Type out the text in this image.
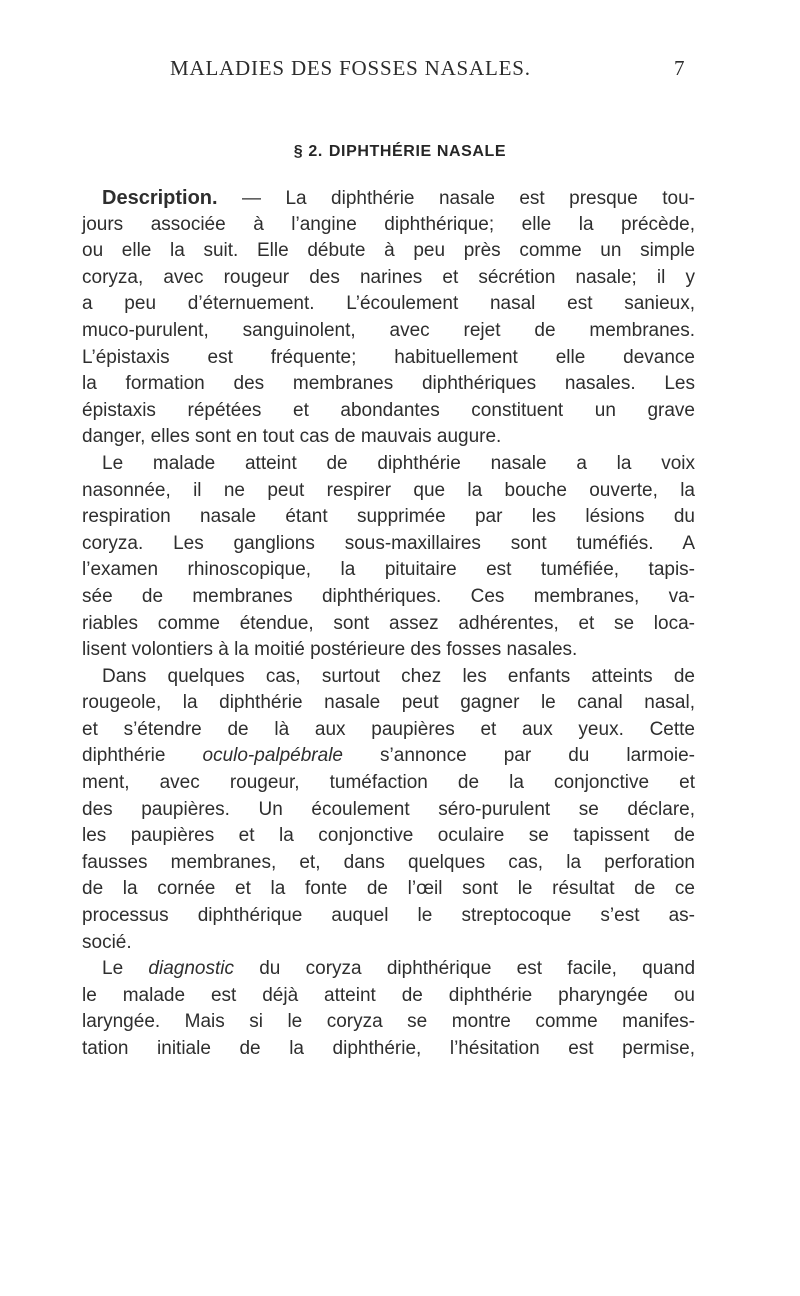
MALADIES DES FOSSES NASALES.	7
§ 2. DIPHTHÉRIE NASALE
Description. — La diphthérie nasale est presque tou-
jours associée à l’angine diphthérique; elle la précède,
ou elle la suit. Elle débute à peu près comme un simple
coryza, avec rougeur des narines et sécrétion nasale; il y
a peu d’éternuement. L’écoulement nasal est sanieux,
muco-purulent, sanguinolent, avec rejet de membranes.
L’épistaxis est fréquente; habituellement elle devance
la formation des membranes diphthériques nasales. Les
épistaxis répétées et abondantes constituent un grave
danger, elles sont en tout cas de mauvais augure.
Le malade atteint de diphthérie nasale a la voix
nasonnée, il ne peut respirer que la bouche ouverte, la
respiration nasale étant supprimée par les lésions du
coryza. Les ganglions sous-maxillaires sont tuméfiés. A
l’examen rhinoscopique, la pituitaire est tuméfiée, tapis-
sée de membranes diphthériques. Ces membranes, va-
riables comme étendue, sont assez adhérentes, et se loca-
lisent volontiers à la moitié postérieure des fosses nasales.
Dans quelques cas, surtout chez les enfants atteints de
rougeole, la diphthérie nasale peut gagner le canal nasal,
et s’étendre de là aux paupières et aux yeux. Cette
diphthérie oculo-palpébrale s’annonce par du larmoie-
ment, avec rougeur, tuméfaction de la conjonctive et
des paupières. Un écoulement séro-purulent se déclare,
les paupières et la conjonctive oculaire se tapissent de
fausses membranes, et, dans quelques cas, la perforation
de la cornée et la fonte de l’œil sont le résultat de ce
processus diphthérique auquel le streptocoque s’est as-
socié.
Le diagnostic du coryza diphthérique est facile, quand
le malade est déjà atteint de diphthérie pharyngée ou
laryngée. Mais si le coryza se montre comme manifes-
tation initiale de la diphthérie, l’hésitation est permise,
